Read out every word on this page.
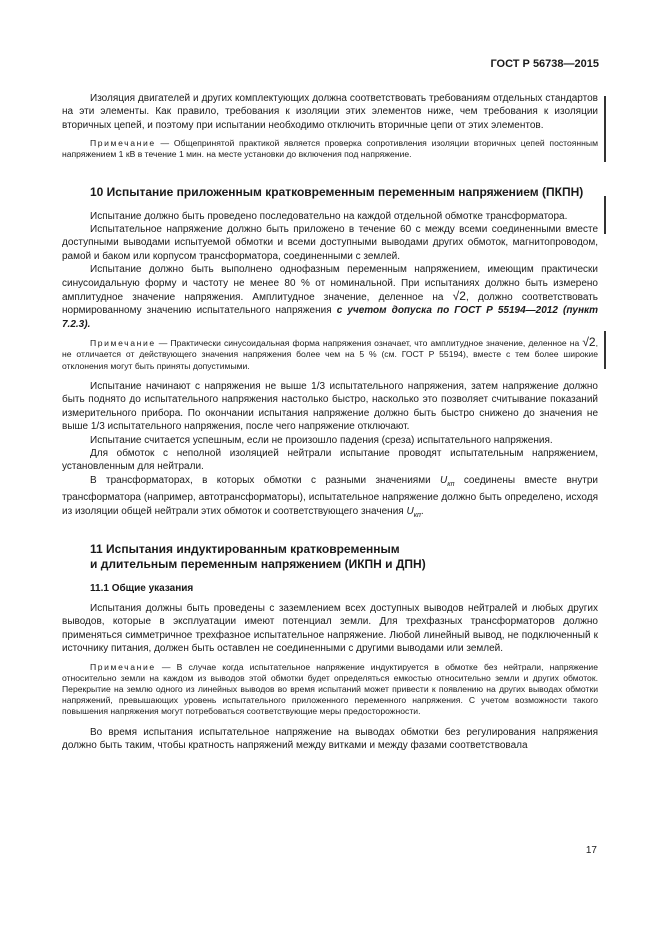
ГОСТ Р 56738—2015

Изоляция двигателей и других комплектующих должна соответствовать требованиям отдельных стандартов на эти элементы. Как правило, требования к изоляции этих элементов ниже, чем требования к изоляции вторичных цепей, и поэтому при испытании необходимо отключить вторичные цепи от этих элементов.

Примечание — Общепринятой практикой является проверка сопротивления изоляции вторичных цепей постоянным напряжением 1 кВ в течение 1 мин. на месте установки до включения под напряжение.

10 Испытание приложенным кратковременным переменным напряжением (ПКПН)

Испытание должно быть проведено последовательно на каждой отдельной обмотке трансформатора.

Испытательное напряжение должно быть приложено в течение 60 с между всеми соединенными вместе доступными выводами испытуемой обмотки и всеми доступными выводами других обмоток, магнитопроводом, рамой и баком или корпусом трансформатора, соединенными с землей.

Испытание должно быть выполнено однофазным переменным напряжением, имеющим практически синусоидальную форму и частоту не менее 80 % от номинальной. При испытаниях должно быть измерено амплитудное значение напряжения. Амплитудное значение, деленное на √2, должно соответствовать нормированному значению испытательного напряжения с учетом допуска по ГОСТ Р 55194—2012 (пункт 7.2.3).

Примечание — Практически синусоидальная форма напряжения означает, что амплитудное значение, деленное на √2, не отличается от действующего значения напряжения более чем на 5 % (см. ГОСТ Р 55194), вместе с тем более широкие отклонения могут быть приняты допустимыми.

Испытание начинают с напряжения не выше 1/3 испытательного напряжения, затем напряжение должно быть поднято до испытательного напряжения настолько быстро, насколько это позволяет считывание показаний измерительного прибора. По окончании испытания напряжение должно быть быстро снижено до значения не выше 1/3 испытательного напряжения, после чего напряжение отключают.

Испытание считается успешным, если не произошло падения (среза) испытательного напряжения.

Для обмоток с неполной изоляцией нейтрали испытание проводят испытательным напряжением, установленным для нейтрали.

В трансформаторах, в которых обмотки с разными значениями $U_{кп}$ соединены вместе внутри трансформатора (например, автотрансформаторы), испытательное напряжение должно быть определено, исходя из изоляции общей нейтрали этих обмоток и соответствующего значения $U_{кп}$.

11 Испытания индуктированным кратковременным

и длительным переменным напряжением (ИКПН и ДПН)

11.1 Общие указания

Испытания должны быть проведены с заземлением всех доступных выводов нейтралей и любых других выводов, которые в эксплуатации имеют потенциал земли. Для трехфазных трансформаторов должно применяться симметричное трехфазное испытательное напряжение. Любой линейный вывод, не подключенный к источнику питания, должен быть оставлен не соединенными с другими выводами или землей.

Примечание — В случае когда испытательное напряжение индуктируется в обмотке без нейтрали, напряжение относительно земли на каждом из выводов этой обмотки будет определяться емкостью относительно земли и других обмоток. Перекрытие на землю одного из линейных выводов во время испытаний может привести к появлению на других выводах обмотки напряжений, превышающих уровень испытательного приложенного переменного напряжения. С учетом возможности такого повышения напряжения могут потребоваться соответствующие меры предосторожности.

Во время испытания испытательное напряжение на выводах обмотки без регулирования напряжения должно быть таким, чтобы кратность напряжений между витками и между фазами соответствовала

17
